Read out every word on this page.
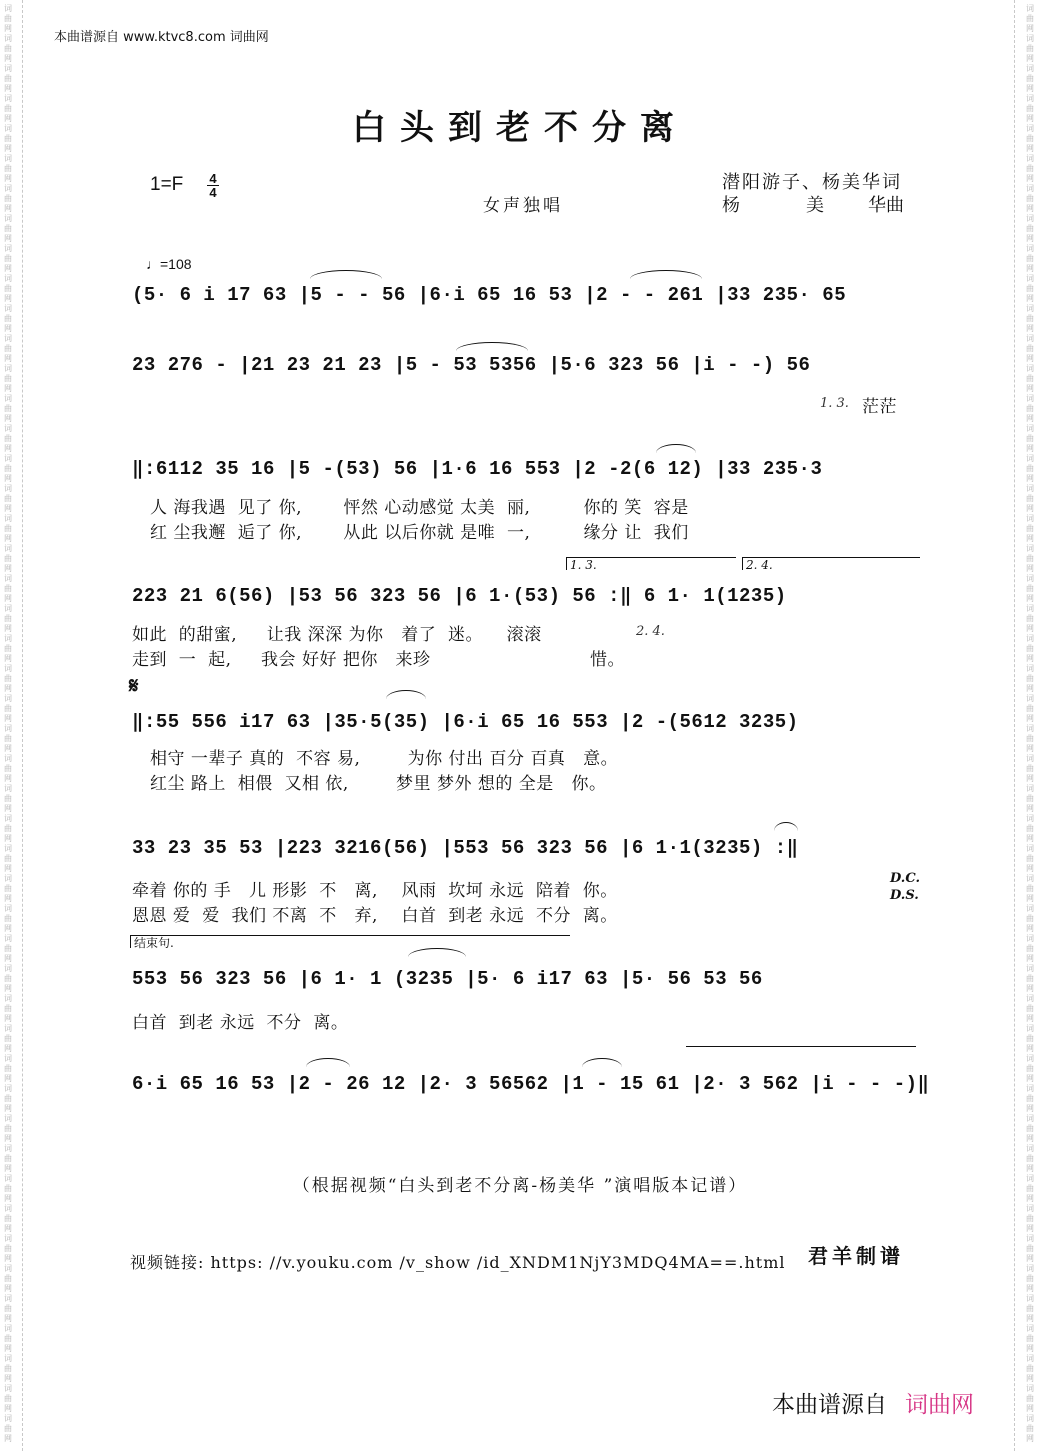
词
曲
网
词
曲
网
词
曲
网
词
曲
网
词
曲
网
词
曲
网
词
曲
网
词
曲
网
词
曲
网
词
曲
网
词
曲
网
词
曲
网
词
曲
网
词
曲
网
词
曲
网
词
曲
网
词
曲
网
词
曲
网
词
曲
网
词
曲
网
词
曲
网
词
曲
网
词
曲
网
词
曲
网
词
曲
网
词
曲
网
词
曲
网
词
曲
网
词
曲
网
词
曲
网
词
曲
网
词
曲
网
词
曲
网
词
曲
网
词
曲
网
词
曲
网
词
曲
网
词
曲
网
词
曲
网
词
曲
网
词
曲
网
词
曲
网
词
曲
网
词
曲
网
词
曲
网
词
曲
网
词
曲
网
词
曲
网
词
曲
网
词
曲
网
词
曲
网
词
曲
网
词
曲
网
词
曲
网
词
曲
网
词
曲
网
词
曲
网
词
曲
网
词
曲
网
词
曲
网
词
曲
网
词
曲
网
词
曲
网
词
曲
网
词
曲
网
词
曲
网
词
曲
网
词
曲
网
词
曲
网
词
曲
网
词
曲
网
词
曲
网
词
曲
网
词
曲
网
词
曲
网
词
曲
网
词
曲
网
词
曲
网
词
曲
网
词
曲
网
词
曲
网
词
曲
网
词
曲
网
词
曲
网
词
曲
网
词
曲
网
词
曲
网
词
曲
网
词
曲
网
词
曲
网
词
曲
网
词
曲
网
词
曲
网
词
曲
网
词
曲
网
词
曲
网
本曲谱源自 www.ktvc8.com 词曲网
白头到老不分离
1=F 4
4
女声独唱
潜阳游子、杨美华词
杨	美 华曲
♩=108
(5· 6 i 17 63 |5 - - 56 |6·i 65 16 53 |2 - - 261 |33 235· 65
23 276 - |21 23 21 23 |5 - 53 5356 |5·6 323 56 |i - -) 56
1. 3. 茫茫
‖:6112 35 16 |5 -(53) 56 |1·6 16 553 |2 -2(6 12) |33 235·3
人 海我遇  见了 你,       怦然 心动感觉 太美  丽,         你的 笑  容是
红 尘我邂  逅了 你,       从此 以后你就 是唯  一,         缘分 让  我们
1. 3.	2. 4.
223 21 6(56) |53 56 323 56 |6 1·(53) 56 :‖ 6 1· 1(1235)
如此  的甜蜜,     让我 深深 为你   着了  迷。    滚滚
走到  一  起,     我会 好好 把你   来珍                           惜。
2. 4.
𝄋
‖:55 556 i17 63 |35·5(35) |6·i 65 16 553 |2 -(5612 3235)
相守 一辈子 真的  不容 易,        为你 付出 百分 百真   意。
红尘 路上  相偎  又相 依,        梦里 梦外 想的 全是   你。
33 23 35 53 |223 3216(56) |553 56 323 56 |6 1·1(3235) :‖
牵着 你的 手   儿 形影  不   离,    风雨  坎坷 永远  陪着  你。
恩恩 爱  爱  我们 不离  不   弃,    白首  到老 永远  不分  离。
D.C.
D.S.
结束句.
553 56 323 56 |6 1· 1 (3235 |5· 6 i17 63 |5· 56 53 56
白首  到老 永远  不分  离。
6·i 65 16 53 |2 - 26 12 |2· 3 56562 |1 - 15 61 |2· 3 562 |i - - -)‖
（根据视频“白头到老不分离-杨美华 ”演唱版本记谱）
视频链接: https: //v.youku.com /v_show /id_XNDM1NjY3MDQ4MA==.html 君羊制谱
本曲谱源自 词曲网
